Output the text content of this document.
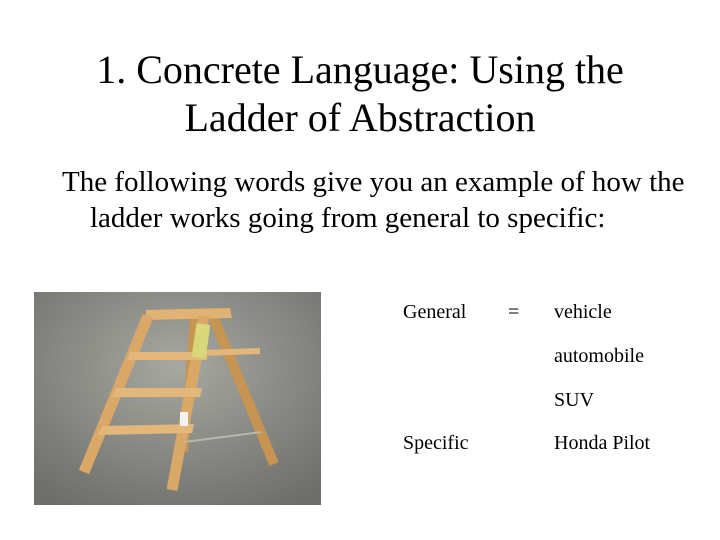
1. Concrete Language: Using the
Ladder of Abstraction
The following words give you an example of how the ladder works going from general to specific:
General = vehicle
automobile
SUV
Specific	Honda Pilot
